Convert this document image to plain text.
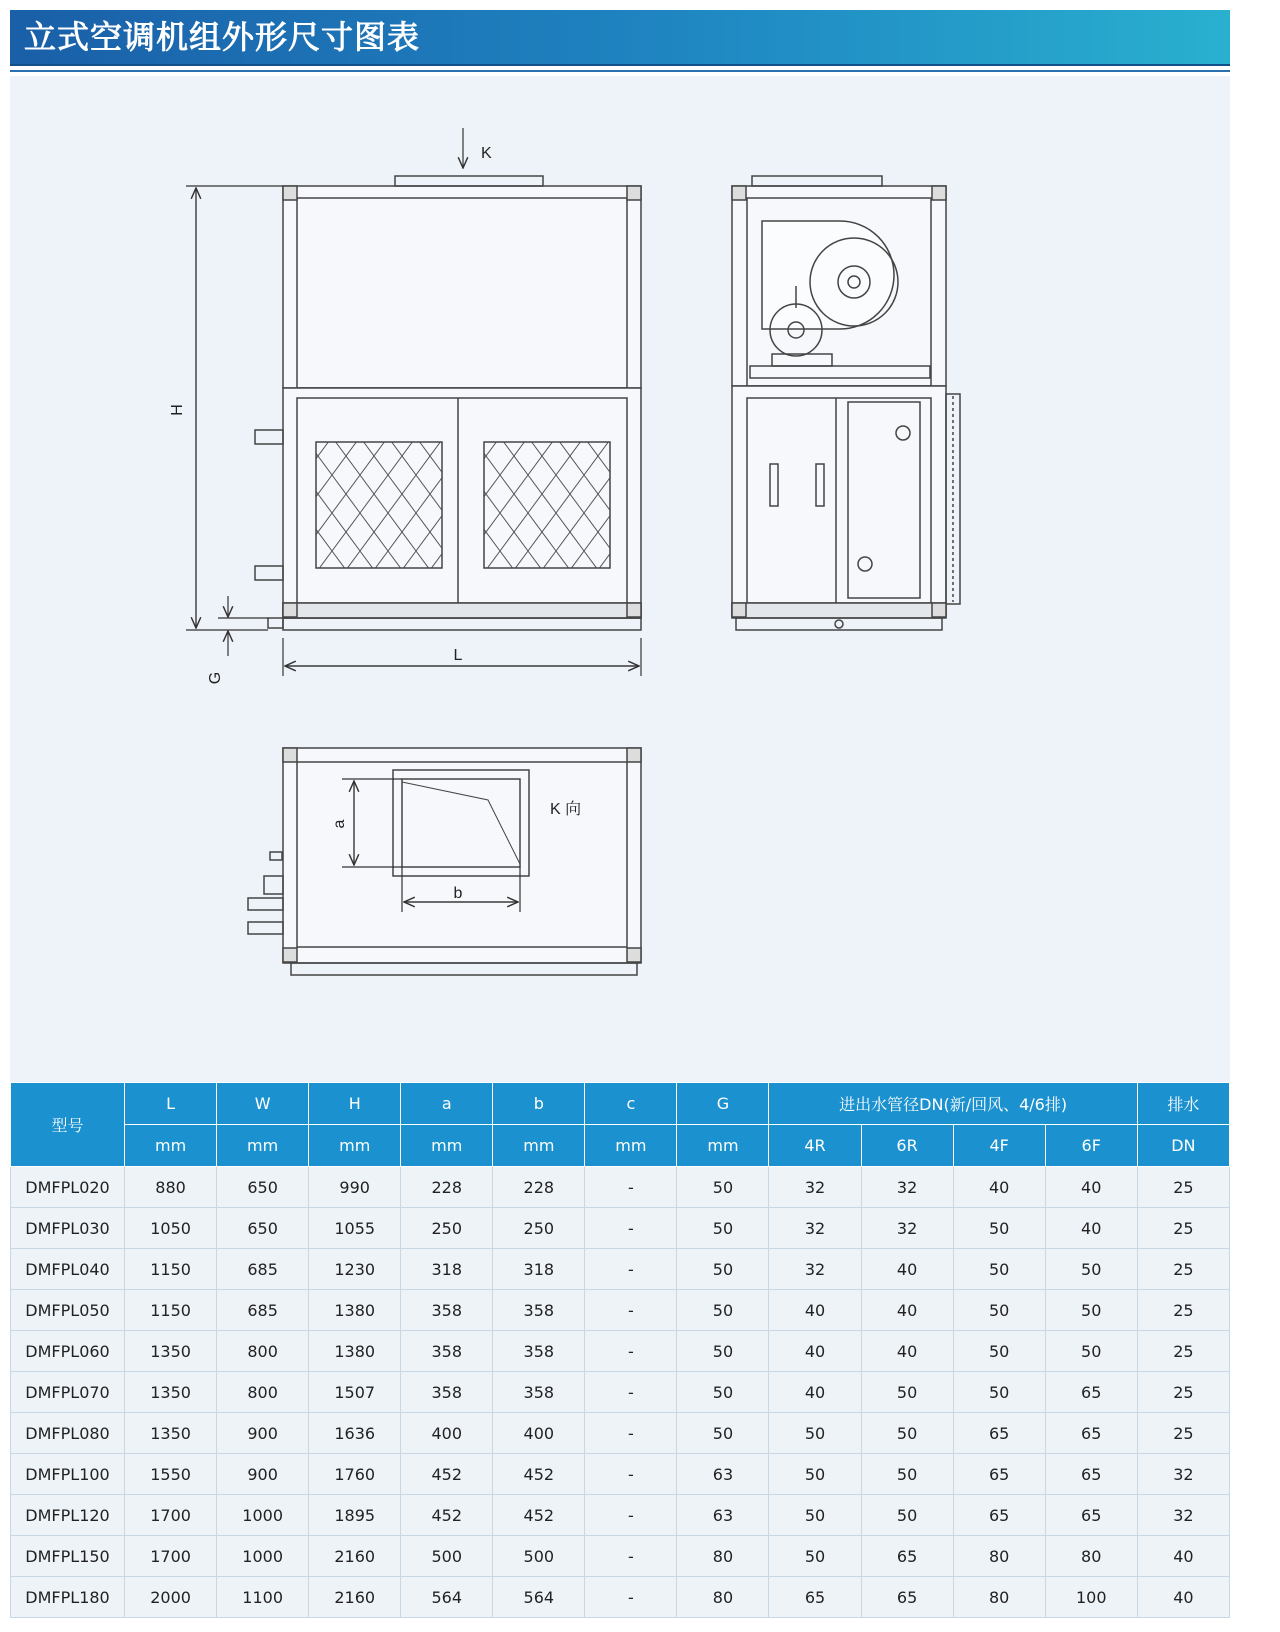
立式空调机组外形尺寸图表
K
H
L
G
a
b
K 向
型号	L	W	H	a	b	c	G	进出水管径DN(新/回风、4/6排)				排水
	mm	mm	mm	mm	mm	mm	mm	4R	6R	4F	6F	DN
DMFPL020	880	650	990	228	228	-	50	32	32	40	40	25
DMFPL030	1050	650	1055	250	250	-	50	32	32	50	40	25
DMFPL040	1150	685	1230	318	318	-	50	32	40	50	50	25
DMFPL050	1150	685	1380	358	358	-	50	40	40	50	50	25
DMFPL060	1350	800	1380	358	358	-	50	40	40	50	50	25
DMFPL070	1350	800	1507	358	358	-	50	40	50	50	65	25
DMFPL080	1350	900	1636	400	400	-	50	50	50	65	65	25
DMFPL100	1550	900	1760	452	452	-	63	50	50	65	65	32
DMFPL120	1700	1000	1895	452	452	-	63	50	50	65	65	32
DMFPL150	1700	1000	2160	500	500	-	80	50	65	80	80	40
DMFPL180	2000	1100	2160	564	564	-	80	65	65	80	100	40
